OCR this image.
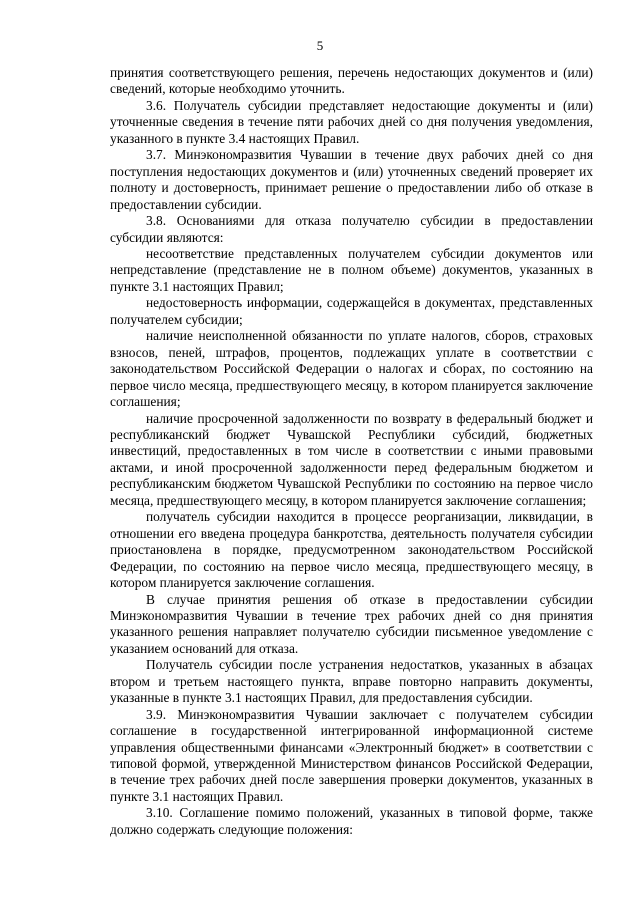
5

принятия соответствующего решения, перечень недостающих документов и (или) сведений, которые необходимо уточнить.

3.6. Получатель субсидии представляет недостающие документы и (или) уточненные сведения в течение пяти рабочих дней со дня получения уведомления, указанного в пункте 3.4 настоящих Правил.

3.7. Минэкономразвития Чувашии в течение двух рабочих дней со дня поступления недостающих документов и (или) уточненных сведений проверяет их полноту и достоверность, принимает решение о предоставлении либо об отказе в предоставлении субсидии.

3.8. Основаниями для отказа получателю субсидии в предоставлении субсидии являются:

несоответствие представленных получателем субсидии документов или непредставление (представление не в полном объеме) документов, указанных в пункте 3.1 настоящих Правил;

недостоверность информации, содержащейся в документах, представленных получателем субсидии;

наличие неисполненной обязанности по уплате налогов, сборов, страховых взносов, пеней, штрафов, процентов, подлежащих уплате в соответствии с законодательством Российской Федерации о налогах и сборах, по состоянию на первое число месяца, предшествующего месяцу, в котором планируется заключение соглашения;

наличие просроченной задолженности по возврату в федеральный бюджет и республиканский бюджет Чувашской Республики субсидий, бюджетных инвестиций, предоставленных в том числе в соответствии с иными правовыми актами, и иной просроченной задолженности перед федеральным бюджетом и республиканским бюджетом Чувашской Республики по состоянию на первое число месяца, предшествующего месяцу, в котором планируется заключение соглашения;

получатель субсидии находится в процессе реорганизации, ликвидации, в отношении его введена процедура банкротства, деятельность получателя субсидии приостановлена в порядке, предусмотренном законодательством Российской Федерации, по состоянию на первое число месяца, предшествующего месяцу, в котором планируется заключение соглашения.

В случае принятия решения об отказе в предоставлении субсидии Минэкономразвития Чувашии в течение трех рабочих дней со дня принятия указанного решения направляет получателю субсидии письменное уведомление с указанием оснований для отказа.

Получатель субсидии после устранения недостатков, указанных в абзацах втором и третьем настоящего пункта, вправе повторно направить документы, указанные в пункте 3.1 настоящих Правил, для предоставления субсидии.

3.9. Минэкономразвития Чувашии заключает с получателем субсидии соглашение в государственной интегрированной информационной системе управления общественными финансами «Электронный бюджет» в соответствии с типовой формой, утвержденной Министерством финансов Российской Федерации, в течение трех рабочих дней после завершения проверки документов, указанных в пункте 3.1 настоящих Правил.

3.10. Соглашение помимо положений, указанных в типовой форме, также должно содержать следующие положения:
